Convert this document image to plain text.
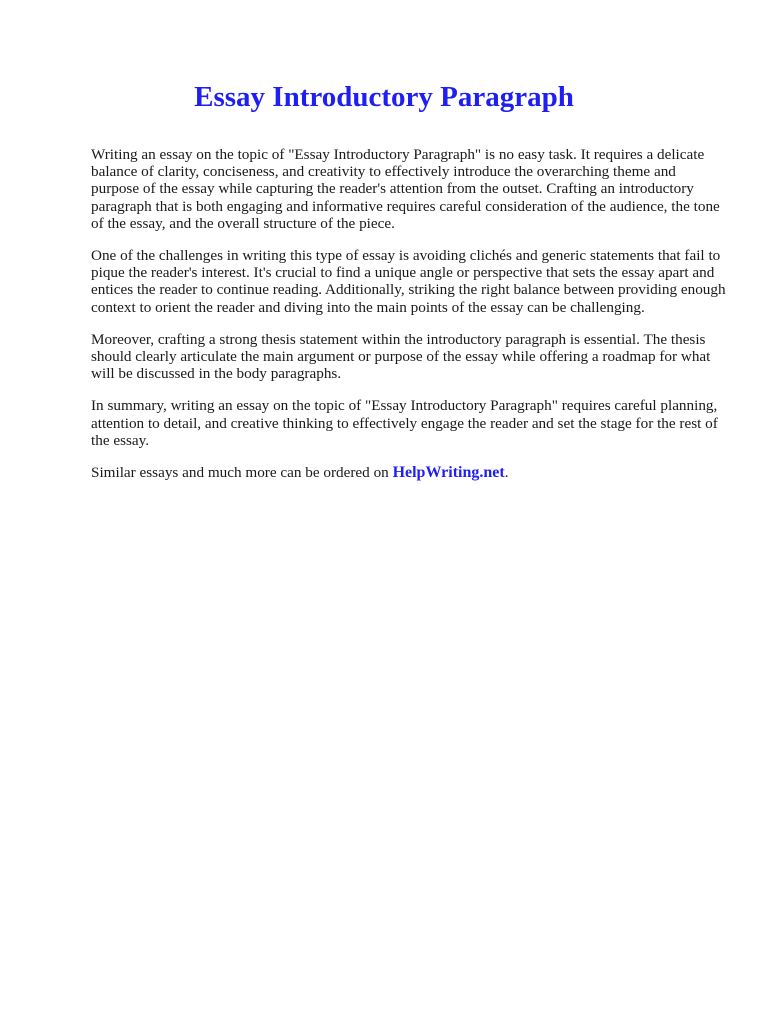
Essay Introductory Paragraph

Writing an essay on the topic of "Essay Introductory Paragraph" is no easy task. It requires a delicate balance of clarity, conciseness, and creativity to effectively introduce the overarching theme and purpose of the essay while capturing the reader's attention from the outset. Crafting an introductory paragraph that is both engaging and informative requires careful consideration of the audience, the tone of the essay, and the overall structure of the piece.

One of the challenges in writing this type of essay is avoiding clichés and generic statements that fail to pique the reader's interest. It's crucial to find a unique angle or perspective that sets the essay apart and entices the reader to continue reading. Additionally, striking the right balance between providing enough context to orient the reader and diving into the main points of the essay can be challenging.

Moreover, crafting a strong thesis statement within the introductory paragraph is essential. The thesis should clearly articulate the main argument or purpose of the essay while offering a roadmap for what will be discussed in the body paragraphs.

In summary, writing an essay on the topic of "Essay Introductory Paragraph" requires careful planning, attention to detail, and creative thinking to effectively engage the reader and set the stage for the rest of the essay.

Similar essays and much more can be ordered on HelpWriting.net.
